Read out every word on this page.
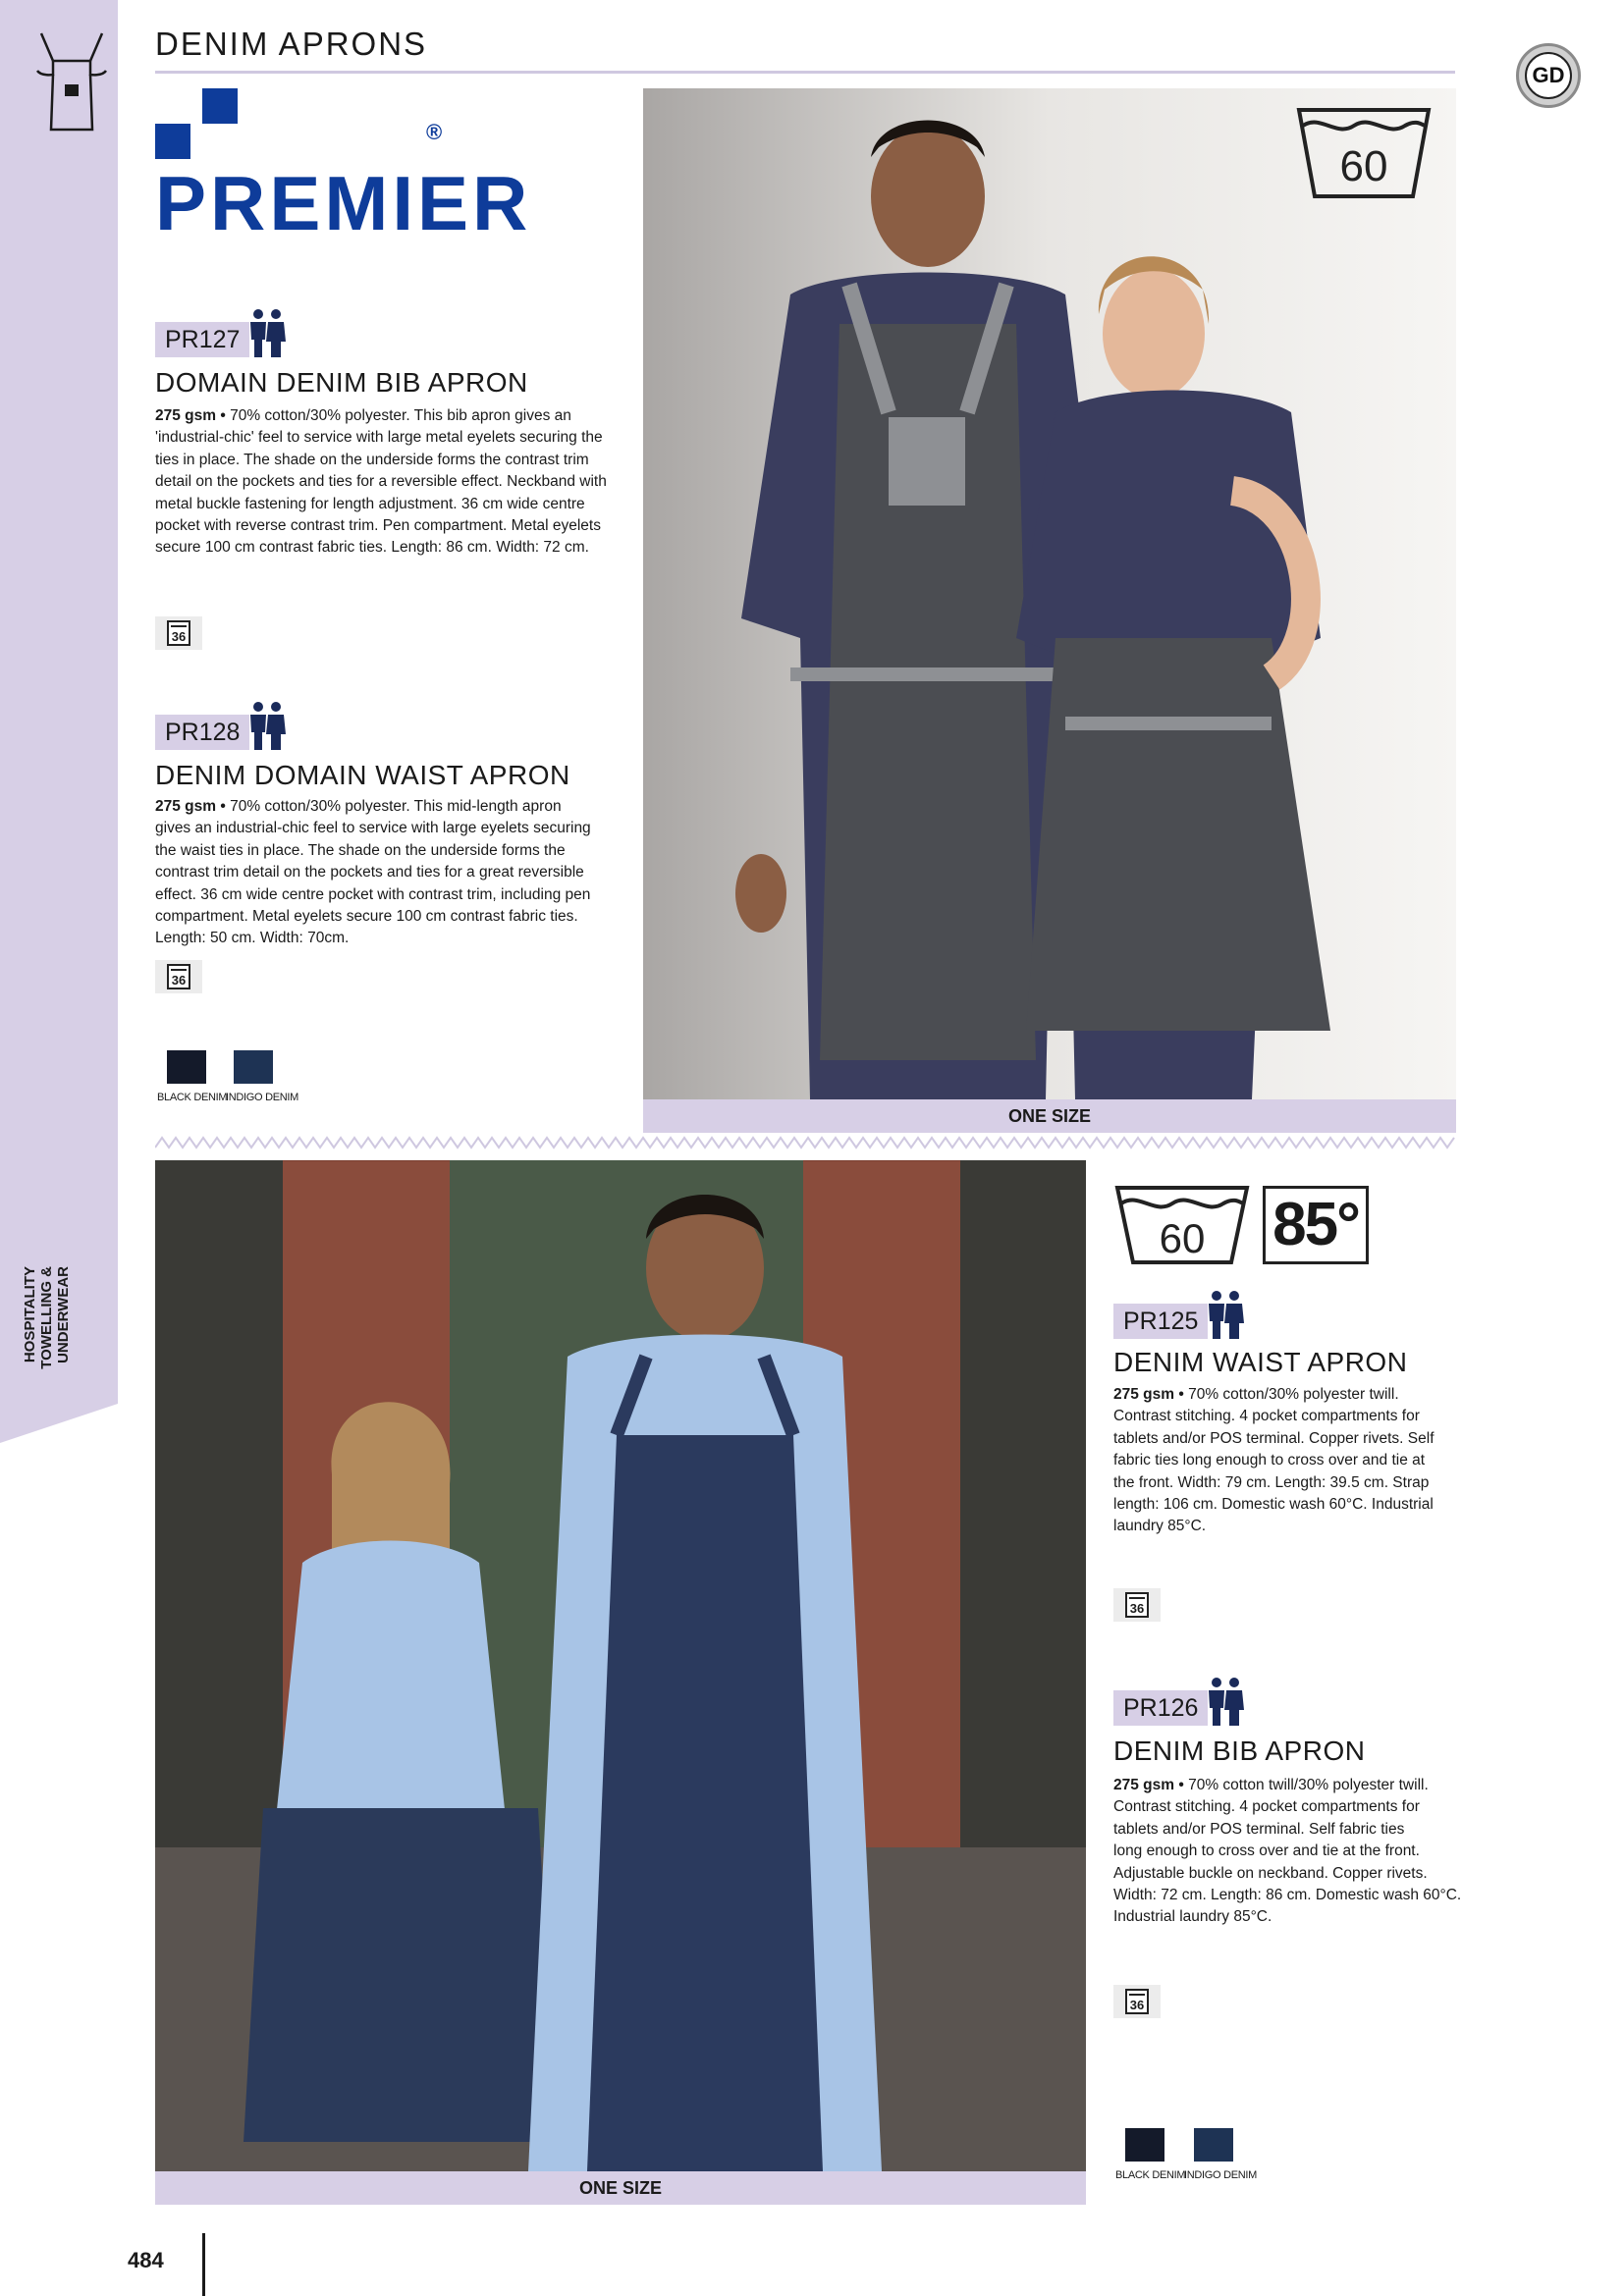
HOSPITALITY
TOWELLING &
UNDERWEAR
DENIM APRONS
GD
PREMIER
®
PR127
DOMAIN DENIM BIB APRON
275 gsm • 70% cotton/30% polyester. This bib apron gives an
'industrial-chic' feel to service with large metal eyelets securing the
ties in place. The shade on the underside forms the contrast trim
detail on the pockets and ties for a reversible effect. Neckband with
metal buckle fastening for length adjustment. 36 cm wide centre
pocket with reverse contrast trim. Pen compartment. Metal eyelets
secure 100 cm contrast fabric ties. Length: 86 cm. Width: 72 cm.
36
PR128
DENIM DOMAIN WAIST APRON
275 gsm • 70% cotton/30% polyester. This mid-length apron
gives an industrial-chic feel to service with large eyelets securing
the waist ties in place. The shade on the underside forms the
contrast trim detail on the pockets and ties for a great reversible
effect. 36 cm wide centre pocket with contrast trim, including pen
compartment. Metal eyelets secure 100 cm contrast fabric ties.
Length: 50 cm. Width: 70cm.
36
BLACK DENIM
INDIGO DENIM
60
ONE SIZE
ONE SIZE
60 85°
PR125
DENIM WAIST APRON
275 gsm • 70% cotton/30% polyester twill.
Contrast stitching. 4 pocket compartments for
tablets and/or POS terminal. Copper rivets. Self
fabric ties long enough to cross over and tie at
the front. Width: 79 cm. Length: 39.5 cm. Strap
length: 106 cm. Domestic wash 60°C. Industrial
laundry 85°C.
36
PR126
DENIM BIB APRON
275 gsm • 70% cotton twill/30% polyester twill.
Contrast stitching. 4 pocket compartments for
tablets and/or POS terminal. Self fabric ties
long enough to cross over and tie at the front.
Adjustable buckle on neckband. Copper rivets.
Width: 72 cm. Length: 86 cm. Domestic wash 60°C.
Industrial laundry 85°C.
36
BLACK DENIM
INDIGO DENIM
484
